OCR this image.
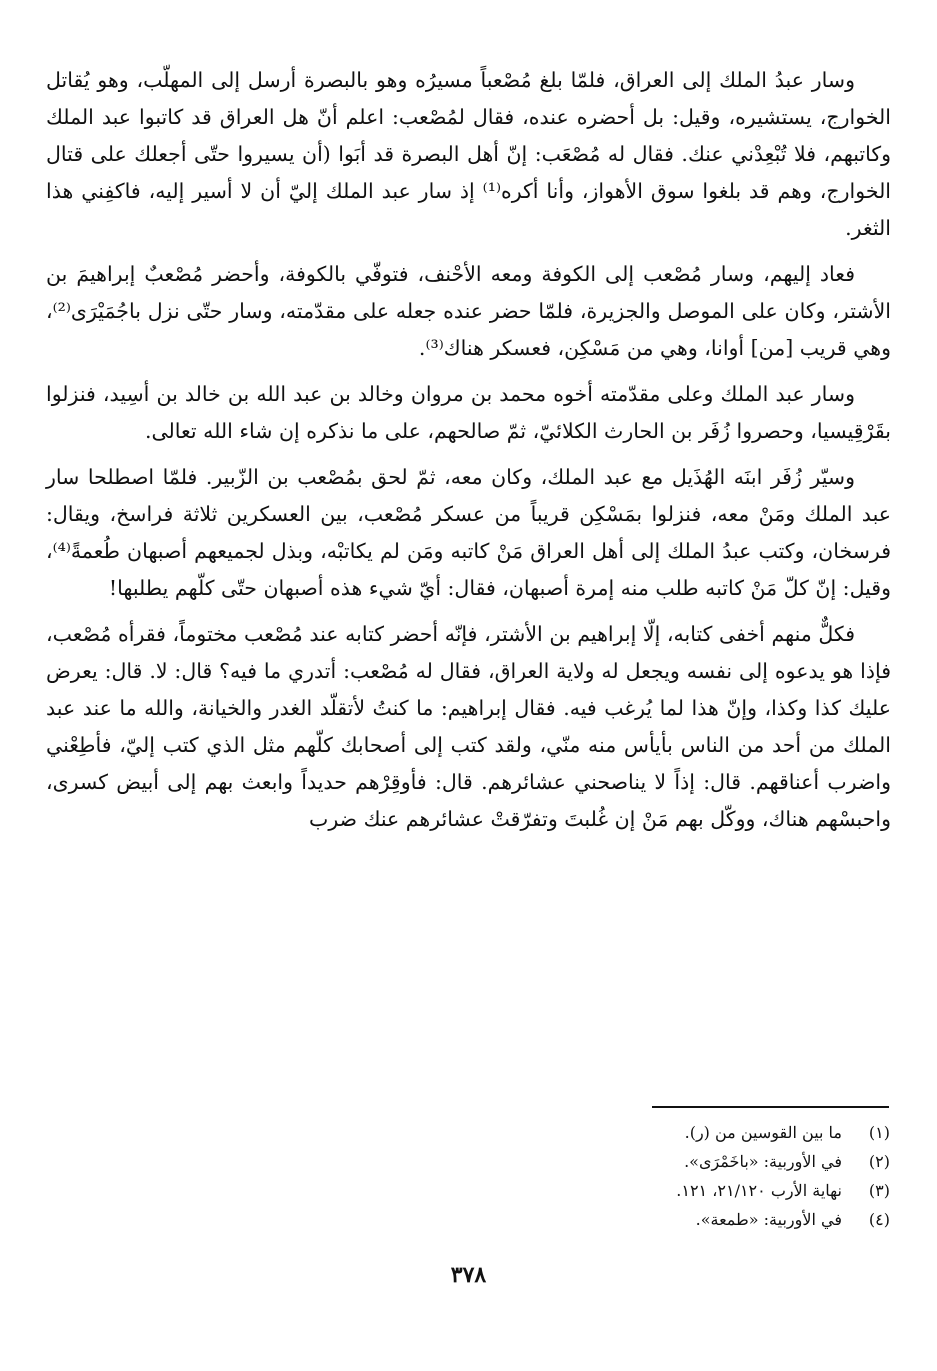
وسار عبدُ الملك إلى العراق، فلمّا بلغ مُصْعباً مسيرُه وهو بالبصرة أرسل إلى المهلّب، وهو يُقاتل الخوارج، يستشيره، وقيل: بل أحضره عنده، فقال لمُصْعب: اعلم أنّ هل العراق قد كاتبوا عبد الملك وكاتبهم، فلا تُبْعِدْني عنك. فقال له مُصْعَب: إنّ أهل البصرة قد أبَوا (أن يسيروا حتّى أجعلك على قتال الخوارج، وهم قد بلغوا سوق الأهواز، وأنا أكره⁽¹⁾ إذ سار عبد الملك إليّ أن لا أسير إليه، فاكفِني هذا الثغر.

فعاد إليهم، وسار مُصْعب إلى الكوفة ومعه الأحْنف، فتوفّي بالكوفة، وأحضر مُصْعبٌ إبراهيمَ بن الأشتر، وكان على الموصل والجزيرة، فلمّا حضر عنده جعله على مقدّمته، وسار حتّى نزل باجُمَيْرَى⁽²⁾، وهي قريب [من] أوانا، وهي من مَسْكِن، فعسكر هناك⁽³⁾.

وسار عبد الملك وعلى مقدّمته أخوه محمد بن مروان وخالد بن عبد الله بن خالد بن أسِيد، فنزلوا بقَرْقِيسيا، وحصروا زُفَر بن الحارث الكلائيّ، ثمّ صالحهم، على ما نذكره إن شاء الله تعالى.

وسيّر زُفَر ابنَه الهُذَيل مع عبد الملك، وكان معه، ثمّ لحق بمُصْعب بن الزّبير. فلمّا اصطلحا سار عبد الملك ومَنْ معه، فنزلوا بمَسْكِن قريباً من عسكر مُصْعب، بين العسكرين ثلاثة فراسخ، ويقال: فرسخان، وكتب عبدُ الملك إلى أهل العراق مَنْ كاتبه ومَن لم يكاتبْه، وبذل لجميعهم أصبهان طُعمةً⁽⁴⁾، وقيل: إنّ كلّ مَنْ كاتبه طلب منه إمرة أصبهان، فقال: أيّ شيء هذه أصبهان حتّى كلّهم يطلبها!

فكلٌّ منهم أخفى كتابه، إلّا إبراهيم بن الأشتر، فإنّه أحضر كتابه عند مُصْعب مختوماً، فقرأه مُصْعب، فإذا هو يدعوه إلى نفسه ويجعل له ولاية العراق، فقال له مُصْعب: أتدري ما فيه؟ قال: لا. قال: يعرض عليك كذا وكذا، وإنّ هذا لما يُرغب فيه. فقال إبراهيم: ما كنتُ لأتقلّد الغدر والخيانة، والله ما عند عبد الملك من أحد من الناس بأيأس منه منّي، ولقد كتب إلى أصحابك كلّهم مثل الذي كتب إليّ، فأطِعْني واضرب أعناقهم. قال: إذاً لا يناصحني عشائرهم. قال: فأوقِرْهم حديداً وابعث بهم إلى أبيض كسرى، واحبسْهم هناك، ووكّل بهم مَنْ إن غُلبتَ وتفرّقتْ عشائرهم عنك ضرب

(١)
ما بين القوسين من (ر).
(٢)
في الأوربية: «باخَمْرَى».
(٣)
نهاية الأرب ٢١/١٢٠، ١٢١.
(٤)
في الأوربية: «طمعة».
٣٧٨
